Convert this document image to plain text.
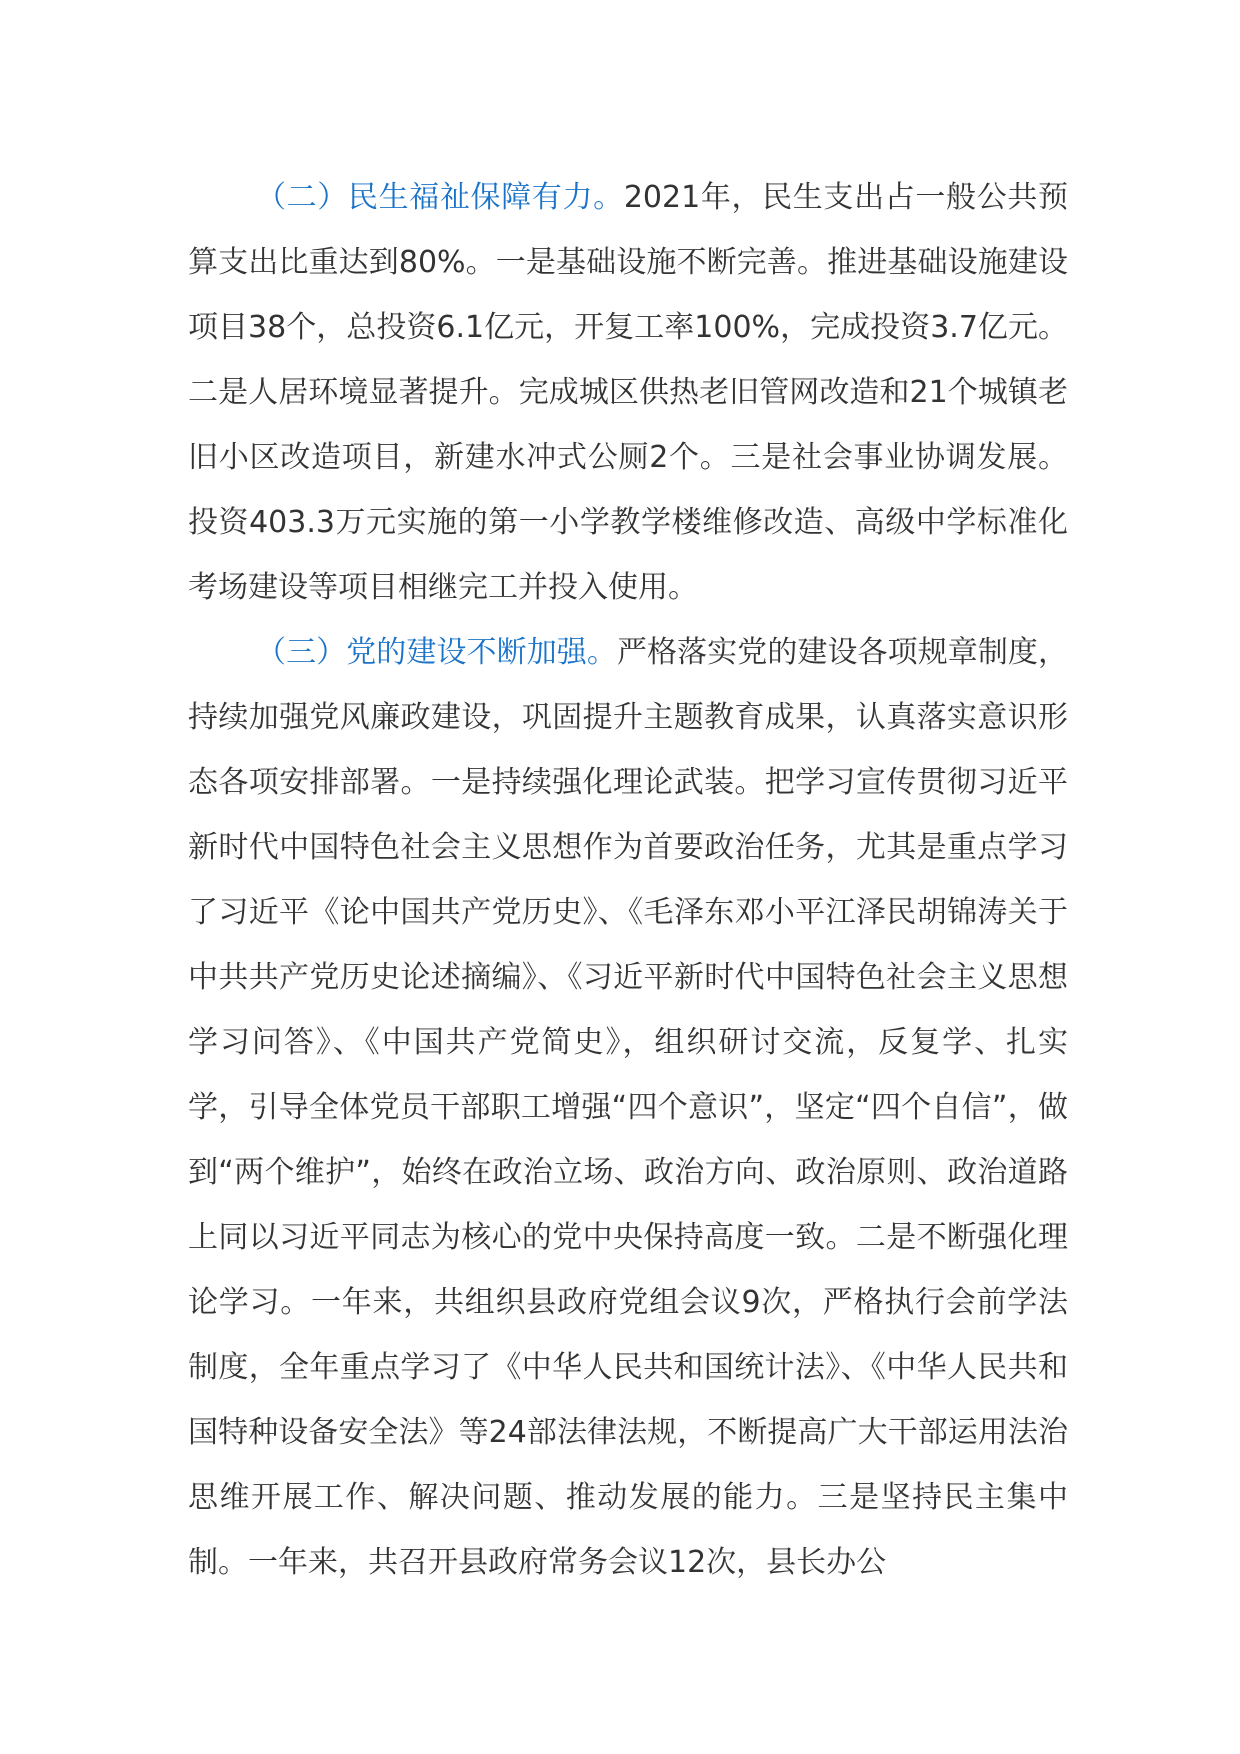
（二）民生福祉保障有力。2021年，民生支出占一般公共预算支出比重达到80%。一是基础设施不断完善。推进基础设施建设项目38个，总投资6.1亿元，开复工率100%，完成投资3.7亿元。二是人居环境显著提升。完成城区供热老旧管网改造和21个城镇老旧小区改造项目，新建水冲式公厕2个。三是社会事业协调发展。投资403.3万元实施的第一小学教学楼维修改造、高级中学标准化考场建设等项目相继完工并投入使用。

（三）党的建设不断加强。严格落实党的建设各项规章制度，持续加强党风廉政建设，巩固提升主题教育成果，认真落实意识形态各项安排部署。一是持续强化理论武装。把学习宣传贯彻习近平新时代中国特色社会主义思想作为首要政治任务，尤其是重点学习了习近平《论中国共产党历史》、《毛泽东邓小平江泽民胡锦涛关于中共共产党历史论述摘编》、《习近平新时代中国特色社会主义思想学习问答》、《中国共产党简史》，组织研讨交流，反复学、扎实学，引导全体党员干部职工增强“四个意识”，坚定“四个自信”，做到“两个维护”，始终在政治立场、政治方向、政治原则、政治道路上同以习近平同志为核心的党中央保持高度一致。二是不断强化理论学习。一年来，共组织县政府党组会议9次，严格执行会前学法制度，全年重点学习了《中华人民共和国统计法》、《中华人民共和国特种设备安全法》等24部法律法规，不断提高广大干部运用法治思维开展工作、解决问题、推动发展的能力。三是坚持民主集中制。一年来，共召开县政府常务会议12次，县长办公
